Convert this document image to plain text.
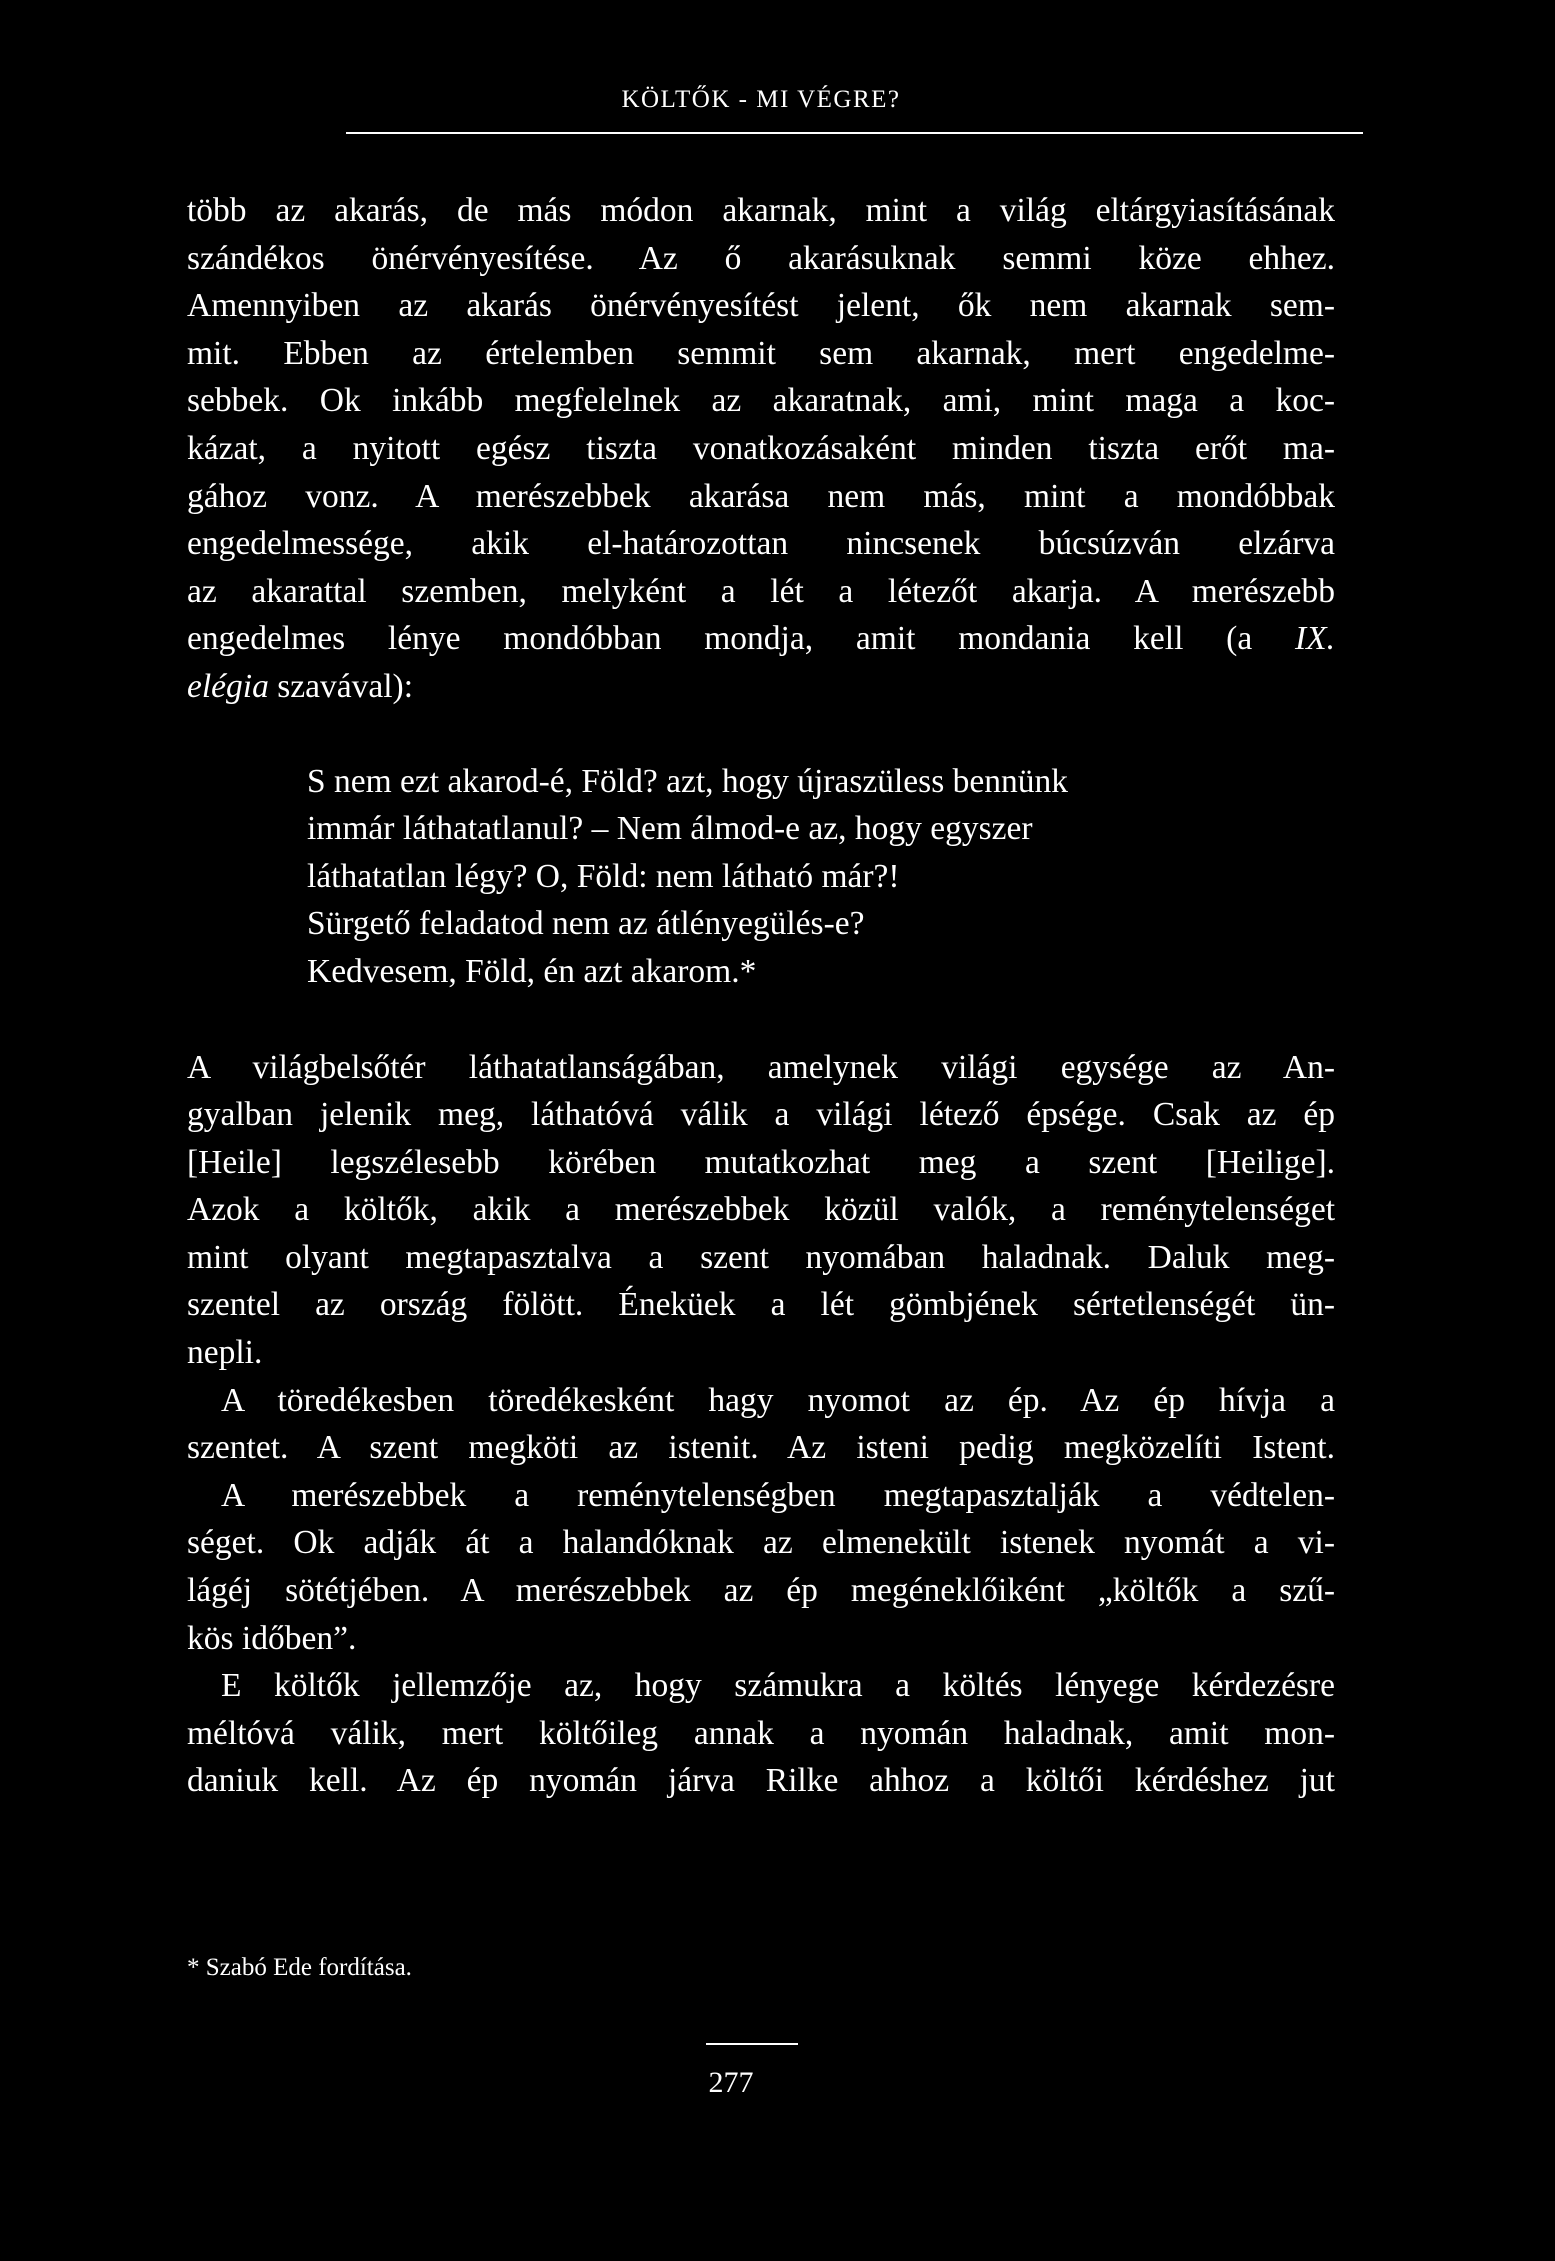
KÖLTŐK - MI VÉGRE?

több az akarás, de más módon akarnak, mint a világ eltárgyiasításának
szándékos önérvényesítése. Az ő akarásuknak semmi köze ehhez.
Amennyiben az akarás önérvényesítést jelent, ők nem akarnak sem-
mit. Ebben az értelemben semmit sem akarnak, mert engedelme-
sebbek. Ok inkább megfelelnek az akaratnak, ami, mint maga a koc-
kázat, a nyitott egész tiszta vonatkozásaként minden tiszta erőt ma-
gához vonz. A merészebbek akarása nem más, mint a mondóbbak
engedelmessége, akik el-határozottan nincsenek búcsúzván elzárva
az akarattal szemben, melyként a lét a létezőt akarja. A merészebb
engedelmes lénye mondóbban mondja, amit mondania kell (a IX.
elégia szavával):

S nem ezt akarod-é, Föld? azt, hogy újraszüless bennünk
immár láthatatlanul? – Nem álmod-e az, hogy egyszer
láthatatlan légy? O, Föld: nem látható már?!
Sürgető feladatod nem az átlényegülés-e?
Kedvesem, Föld, én azt akarom.*

A világbelsőtér láthatatlanságában, amelynek világi egysége az An-
gyalban jelenik meg, láthatóvá válik a világi létező épsége. Csak az ép
[Heile] legszélesebb körében mutatkozhat meg a szent [Heilige].
Azok a költők, akik a merészebbek közül valók, a reménytelenséget
mint olyant megtapasztalva a szent nyomában haladnak. Daluk meg-
szentel az ország fölött. Éneküek a lét gömbjének sértetlenségét ün-
nepli.

A töredékesben töredékesként hagy nyomot az ép. Az ép hívja a
szentet. A szent megköti az istenit. Az isteni pedig megközelíti Istent.

A merészebbek a reménytelenségben megtapasztalják a védtelen-
séget. Ok adják át a halandóknak az elmenekült istenek nyomát a vi-
lágéj sötétjében. A merészebbek az ép megéneklőiként „költők a szű-
kös időben”.

E költők jellemzője az, hogy számukra a költés lényege kérdezésre
méltóvá válik, mert költőileg annak a nyomán haladnak, amit mon-
daniuk kell. Az ép nyomán járva Rilke ahhoz a költői kérdéshez jut

* Szabó Ede fordítása.
277
